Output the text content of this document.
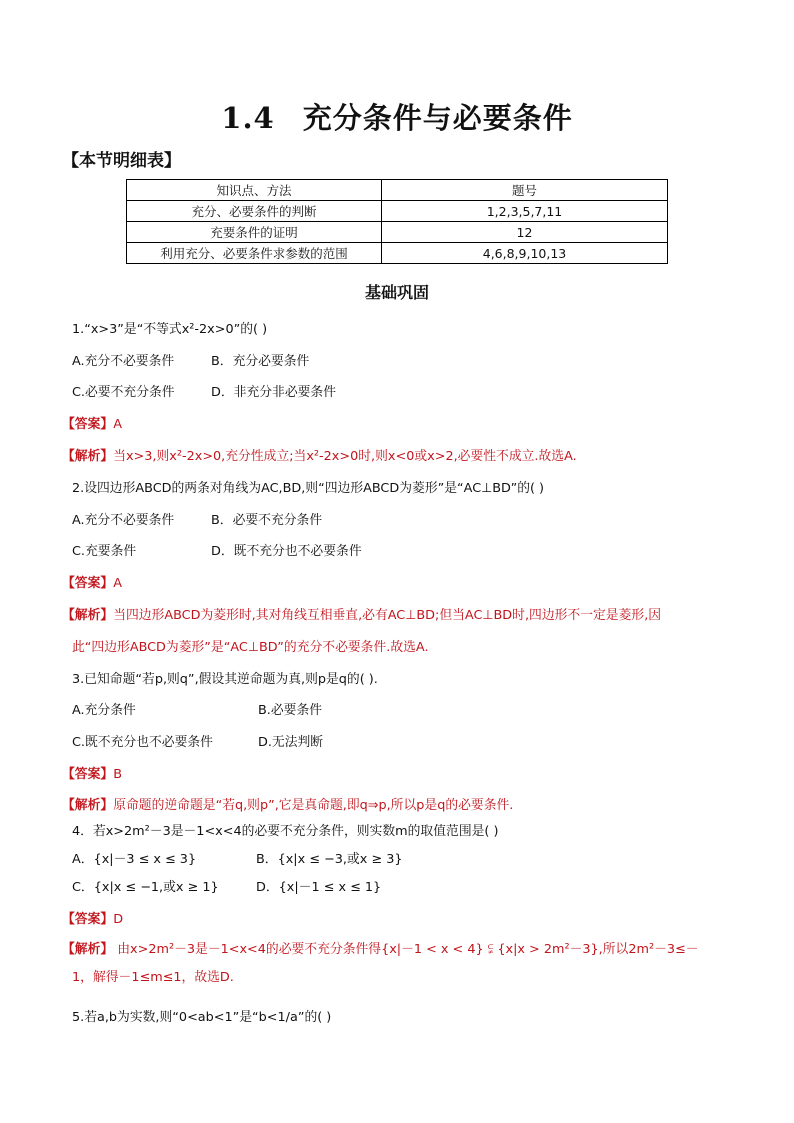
1.4 充分条件与必要条件
【本节明细表】
知识点、方法	题号
充分、必要条件的判断	1,2,3,5,7,11
充要条件的证明	12
利用充分、必要条件求参数的范围	4,6,8,9,10,13
基础巩固
1.“x>3”是“不等式x²-2x>0”的( )
A.充分不必要条件	B．充分必要条件
C.必要不充分条件	D．非充分非必要条件
【答案】A
【解析】当x>3,则x²-2x>0,充分性成立;当x²-2x>0时,则x<0或x>2,必要性不成立.故选A.
2.设四边形ABCD的两条对角线为AC,BD,则“四边形ABCD为菱形”是“AC⊥BD”的( )
A.充分不必要条件	B．必要不充分条件
C.充要条件	D．既不充分也不必要条件
【答案】A
【解析】当四边形ABCD为菱形时,其对角线互相垂直,必有AC⊥BD;但当AC⊥BD时,四边形不一定是菱形,因
此“四边形ABCD为菱形”是“AC⊥BD”的充分不必要条件.故选A.
3.已知命题“若p,则q”,假设其逆命题为真,则p是q的( ).
A.充分条件	B.必要条件
C.既不充分也不必要条件	D.无法判断
【答案】B
【解析】原命题的逆命题是“若q,则p”,它是真命题,即q⇒p,所以p是q的必要条件.
4．若x>2m²－3是－1<x<4的必要不充分条件，则实数m的取值范围是( )
A．{x|－3 ≤ x ≤ 3}	B．{x|x ≤ −3,或x ≥ 3}
C．{x|x ≤ −1,或x ≥ 1}	D．{x|－1 ≤ x ≤ 1}
【答案】D
【解析】 由x>2m²－3是－1<x<4的必要不充分条件得{x|－1 < x < 4} ⫋ {x|x > 2m²－3},所以2m²－3≤－
1，解得－1≤m≤1，故选D.
5.若a,b为实数,则“0<ab<1”是“b<1/a”的( )
